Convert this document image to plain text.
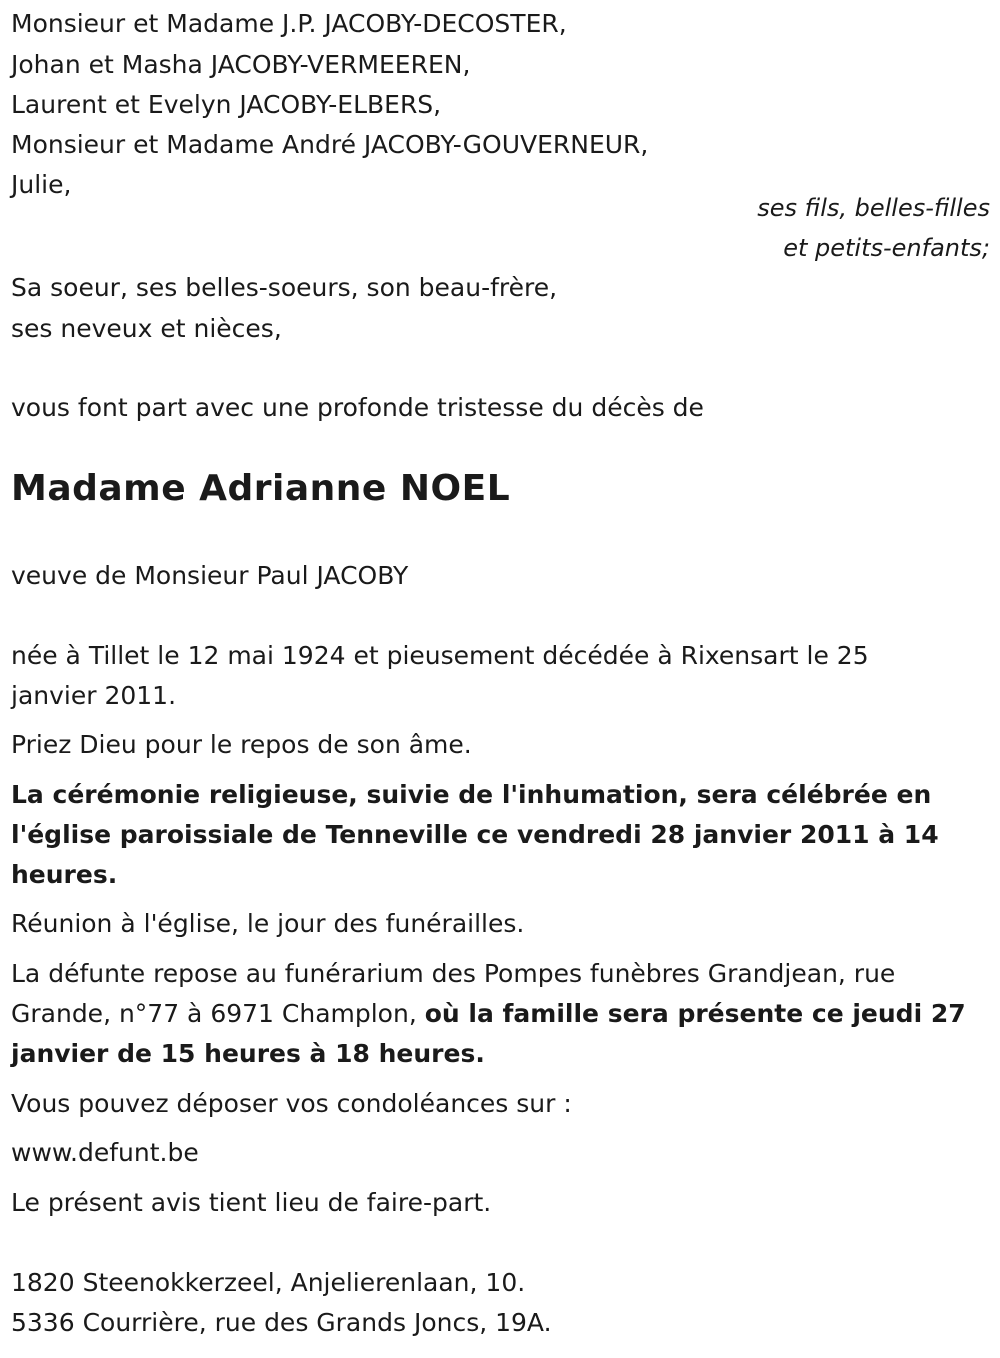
Monsieur et Madame J.P. JACOBY-DECOSTER,
Johan et Masha JACOBY-VERMEEREN,
Laurent et Evelyn JACOBY-ELBERS,
Monsieur et Madame André JACOBY-GOUVERNEUR,
Julie,
ses fils, belles-filles
et petits-enfants;
Sa soeur, ses belles-soeurs, son beau-frère,
ses neveux et nièces,
vous font part avec une profonde tristesse du décès de
Madame Adrianne NOEL
veuve de Monsieur Paul JACOBY
née à Tillet le 12 mai 1924 et pieusement décédée à Rixensart le 25
janvier 2011.
Priez Dieu pour le repos de son âme.
La cérémonie religieuse, suivie de l'inhumation, sera célébrée en
l'église paroissiale de Tenneville ce vendredi 28 janvier 2011 à 14
heures.
Réunion à l'église, le jour des funérailles.
La défunte repose au funérarium des Pompes funèbres Grandjean, rue
Grande, n°77 à 6971 Champlon, où la famille sera présente ce jeudi 27
janvier de 15 heures à 18 heures.
Vous pouvez déposer vos condoléances sur :
www.defunt.be
Le présent avis tient lieu de faire-part.
1820 Steenokkerzeel, Anjelierenlaan, 10.
5336 Courrière, rue des Grands Joncs, 19A.
